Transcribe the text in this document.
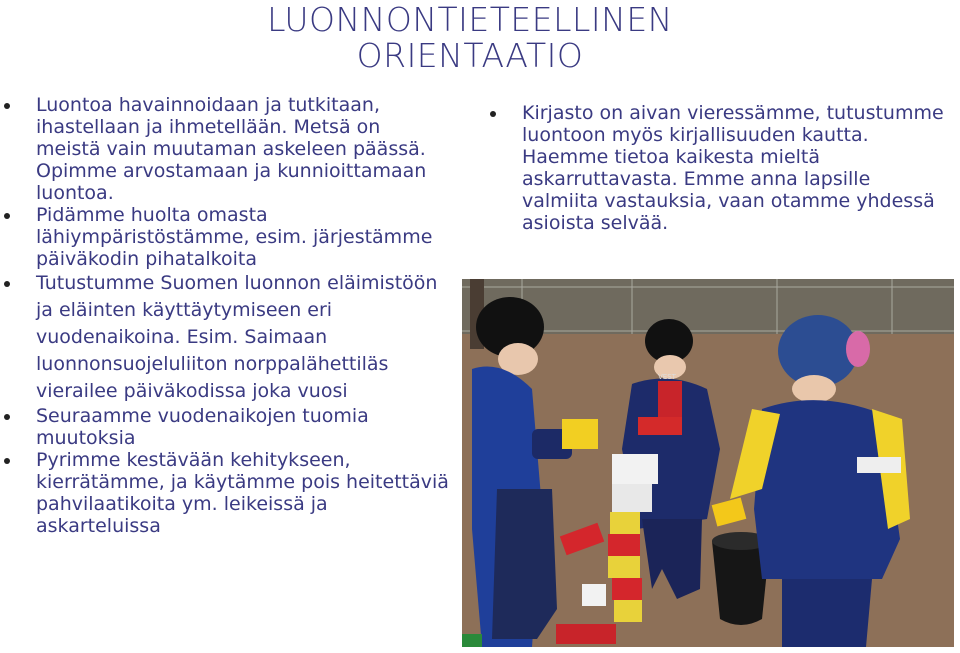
LUONNONTIETEELLINEN
ORIENTAATIO
Luontoa havainnoidaan ja tutkitaan, ihastellaan ja ihmetellään. Metsä on meistä vain muutaman askeleen päässä. Opimme arvostamaan ja kunnioittamaan luontoa.
Pidämme huolta omasta lähiympäristöstämme, esim. järjestämme päiväkodin pihatalkoita
Tutustumme Suomen luonnon eläimistöön ja eläinten käyttäytymiseen eri vuodenaikoina. Esim. Saimaan luonnonsuojeluliiton norppalähettiläs vierailee päiväkodissa joka vuosi
Seuraamme vuodenaikojen tuomia muutoksia
Pyrimme kestävään kehitykseen, kierrätämme, ja käytämme pois heitettäviä pahvilaatikoita ym. leikeissä ja askarteluissa
Kirjasto on aivan vieressämme, tutustumme luontoon myös kirjallisuuden kautta. Haemme tietoa kaikesta mieltä askarruttavasta. Emme anna lapsille valmiita vastauksia, vaan otamme yhdessä asioista selvää.
VEST
